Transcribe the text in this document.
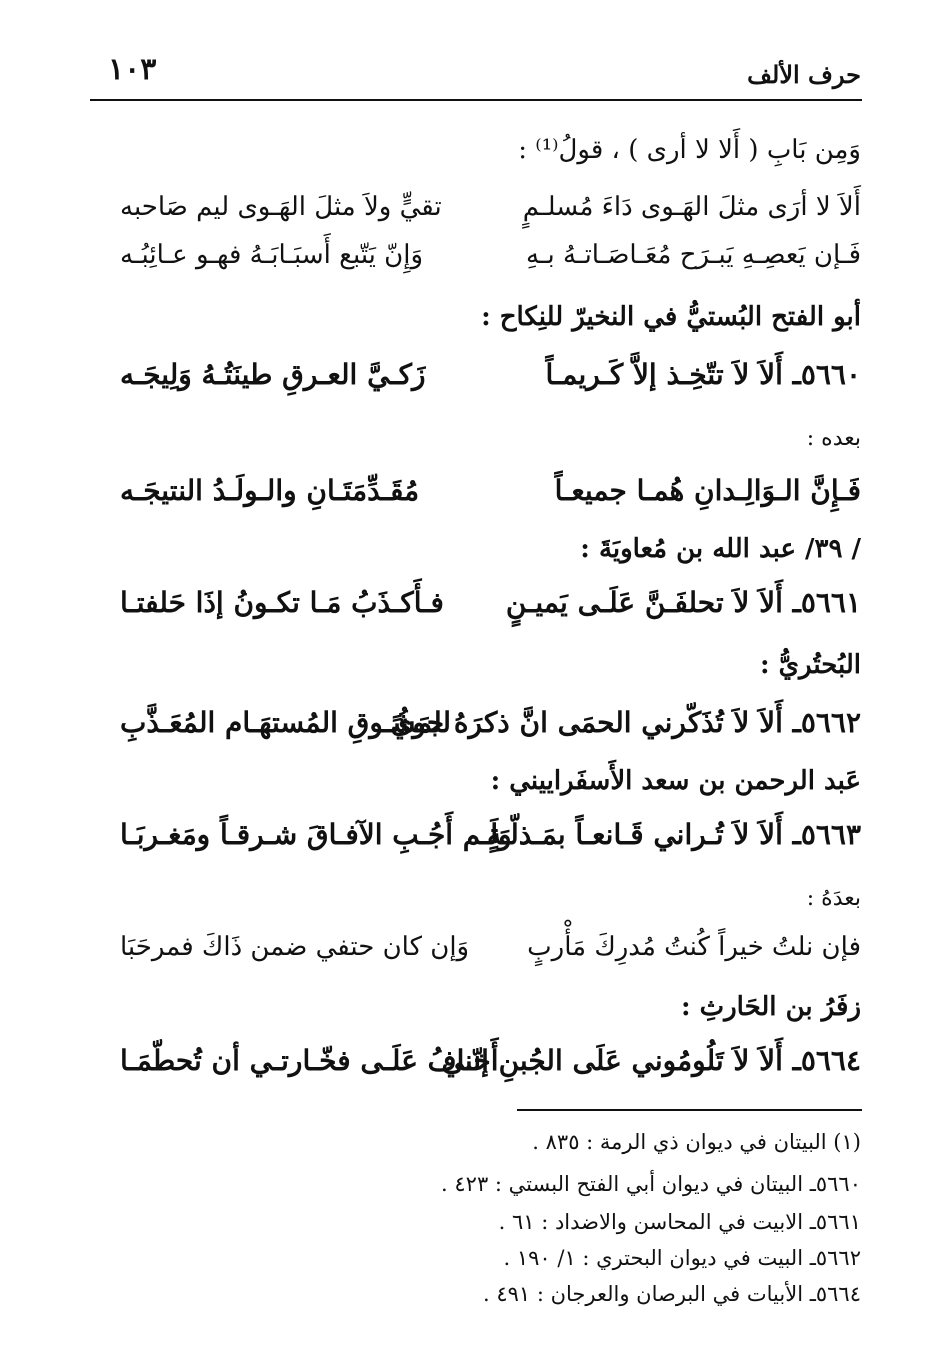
حرف الألف
١٠٣
وَمِن بَابِ ( أَلا لا أرى ) ، قولُ⁽¹⁾ :
أَلاَ لا أرَى مثلَ الهَـوى دَاءَ مُسلـمٍ
تقيٍّ ولاَ مثلَ الهَـوى ليم صَاحبه
فَـإن يَعصِـهِ يَبـرَح مُعَـاصَـاتـهُ بـهِ
وَإِنّ يَتّبع أَسبَـابَـهُ فهـو عـائِبُـه
أبو الفتح البُستيُّ في النخيرّ للنِكاح :
٥٦٦٠ـ أَلاَ لاَ تتّخِـذ إلاَّ كَـريمـاً
زَكـيَّ العـرقِ طينَتُـهُ وَلِيجَـه
بعده :
فَـإِنَّ الـوَالِـدانِ هُمـا جميعـاً
مُقَـدِّمَتَـانِ والـولَـدُ النتيجَـه
/ ٣٩/ عبد الله بن مُعاويَةَ :
٥٦٦١ـ أَلاَ لاَ تحلفَـنَّ عَلَـى يَميـنٍ
فـأَكـذَبُ مَـا تكـونُ إذَا حَلفتـا
البُحتُريُّ :
٥٦٦٢ـ أَلاَ لاَ تُذَكّرني الحمَى انَّ ذكرَهُ جويً
للمَشُـوقِ المُستهَـام المُعَـذَّبِ
عَبد الرحمن بن سعد الأَسفَراييني :
٥٦٦٣ـ أَلاَ لاَ تُـراني قَـانعـاً بمَـذلّـةٍ
وَلَـم أَجُـبِ الآفـاقَ شـرقـاً ومَغـربَـا
بعدَهُ :
فإن نلتُ خيراً كُنتُ مُدرِكَ مَأْربٍ
وَإن كان حتفي ضمن ذَاكَ فمرحَبَا
زفَرُ بن الحَارثِ :
٥٦٦٤ـ أَلاَ لاَ تَلُومُوني عَلَى الجُبنِ إنّني
أَخـافُ عَلَـى فخّـارتـي أن تُحطّمَـا
(١) البيتان في ديوان ذي الرمة : ٨٣٥ .
٥٦٦٠ـ البيتان في ديوان أبي الفتح البستي : ٤٢٣ .
٥٦٦١ـ الابيت في المحاسن والاضداد : ٦١ .
٥٦٦٢ـ البيت في ديوان البحتري : ١/ ١٩٠ .
٥٦٦٤ـ الأبيات في البرصان والعرجان : ٤٩١ .
